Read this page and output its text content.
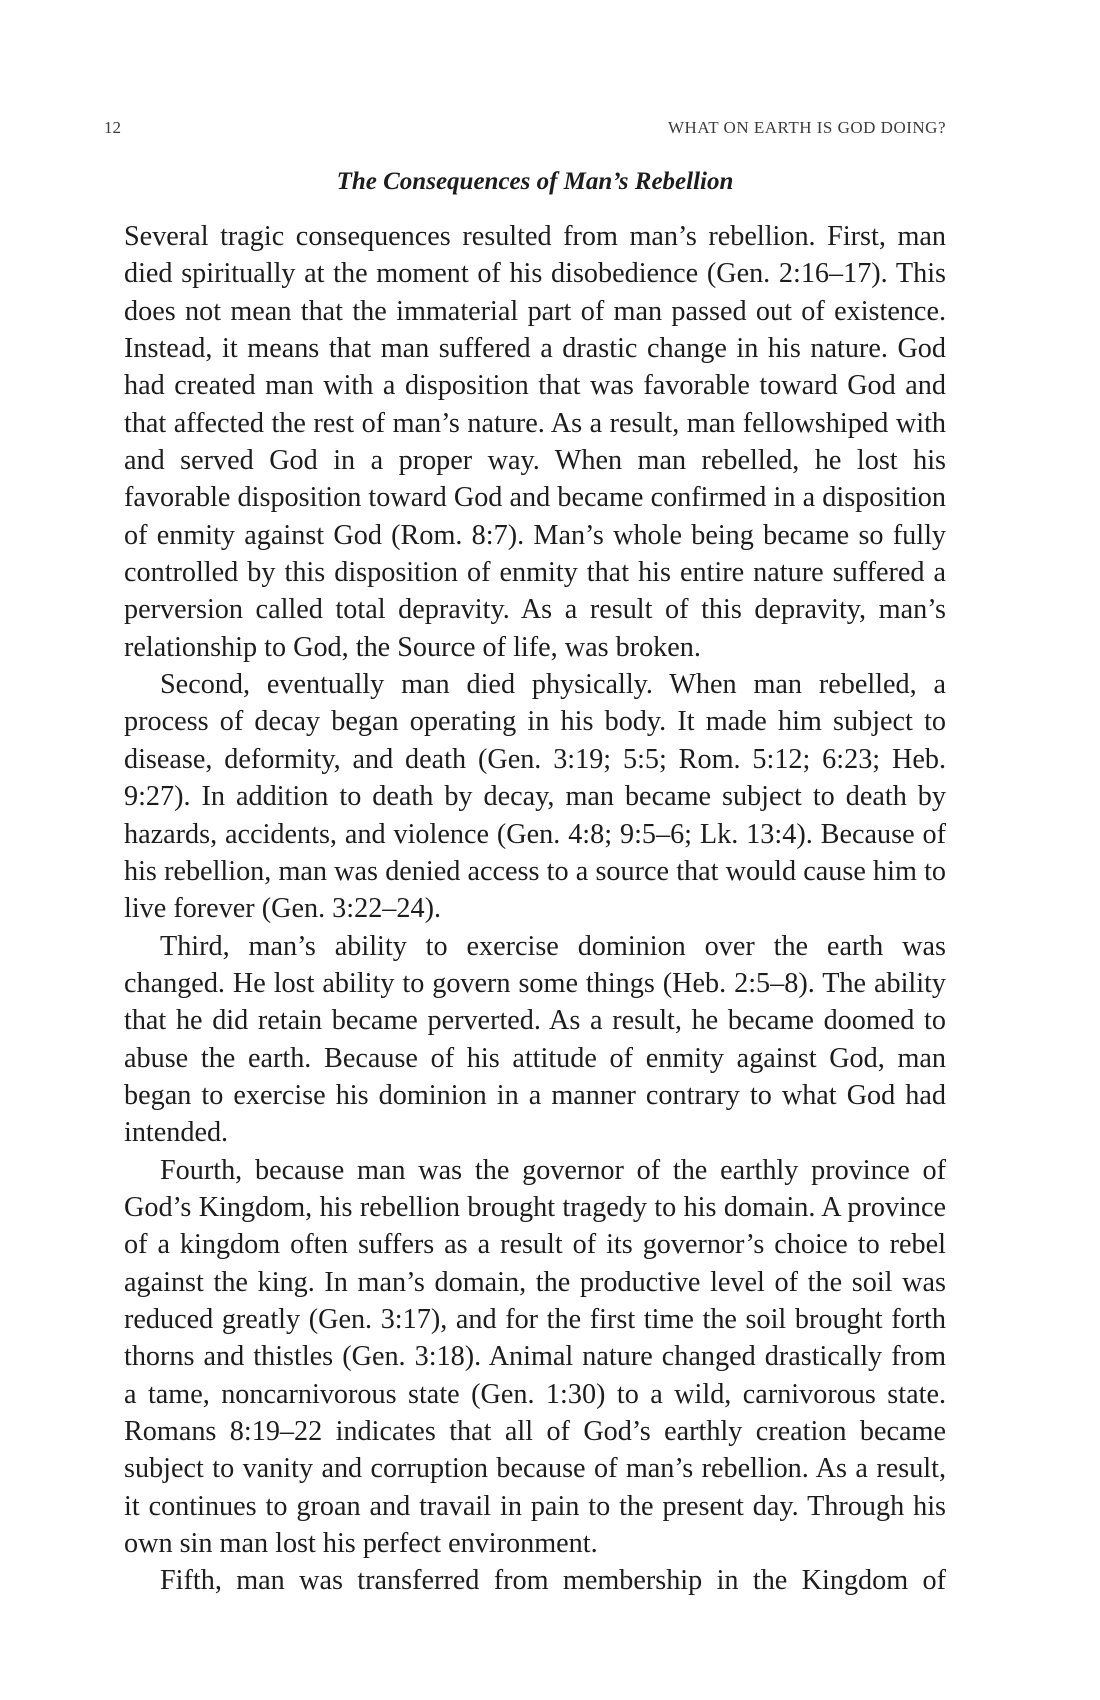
12	WHAT ON EARTH IS GOD DOING?
The Consequences of Man’s Rebellion

Several tragic consequences resulted from man’s rebellion. First, man died spiritually at the moment of his disobedience (Gen. 2:16–17). This does not mean that the immaterial part of man passed out of existence. Instead, it means that man suffered a drastic change in his nature. God had created man with a disposition that was favorable toward God and that affected the rest of man’s nature. As a result, man fellowshiped with and served God in a proper way. When man rebelled, he lost his favorable disposition toward God and became confirmed in a disposition of enmity against God (Rom. 8:7). Man’s whole being became so fully controlled by this disposition of enmity that his entire nature suffered a perversion called total depravity. As a result of this depravity, man’s relationship to God, the Source of life, was broken.

Second, eventually man died physically. When man rebelled, a process of decay began operating in his body. It made him subject to disease, deformity, and death (Gen. 3:19; 5:5; Rom. 5:12; 6:23; Heb. 9:27). In addition to death by decay, man became subject to death by hazards, accidents, and violence (Gen. 4:8; 9:5–6; Lk. 13:4). Because of his rebellion, man was denied access to a source that would cause him to live forever (Gen. 3:22–24).

Third, man’s ability to exercise dominion over the earth was changed. He lost ability to govern some things (Heb. 2:5–8). The ability that he did retain became perverted. As a result, he became doomed to abuse the earth. Because of his attitude of enmity against God, man began to exercise his dominion in a manner contrary to what God had intended.

Fourth, because man was the governor of the earthly province of God’s Kingdom, his rebellion brought tragedy to his domain. A province of a kingdom often suffers as a result of its governor’s choice to rebel against the king. In man’s domain, the productive level of the soil was reduced greatly (Gen. 3:17), and for the first time the soil brought forth thorns and thistles (Gen. 3:18). Animal nature changed drastically from a tame, noncarnivorous state (Gen. 1:30) to a wild, carnivorous state. Romans 8:19–22 indicates that all of God’s earthly creation became subject to vanity and corruption because of man’s rebellion. As a result, it continues to groan and travail in pain to the present day. Through his own sin man lost his perfect environment.

Fifth, man was transferred from membership in the Kingdom of
